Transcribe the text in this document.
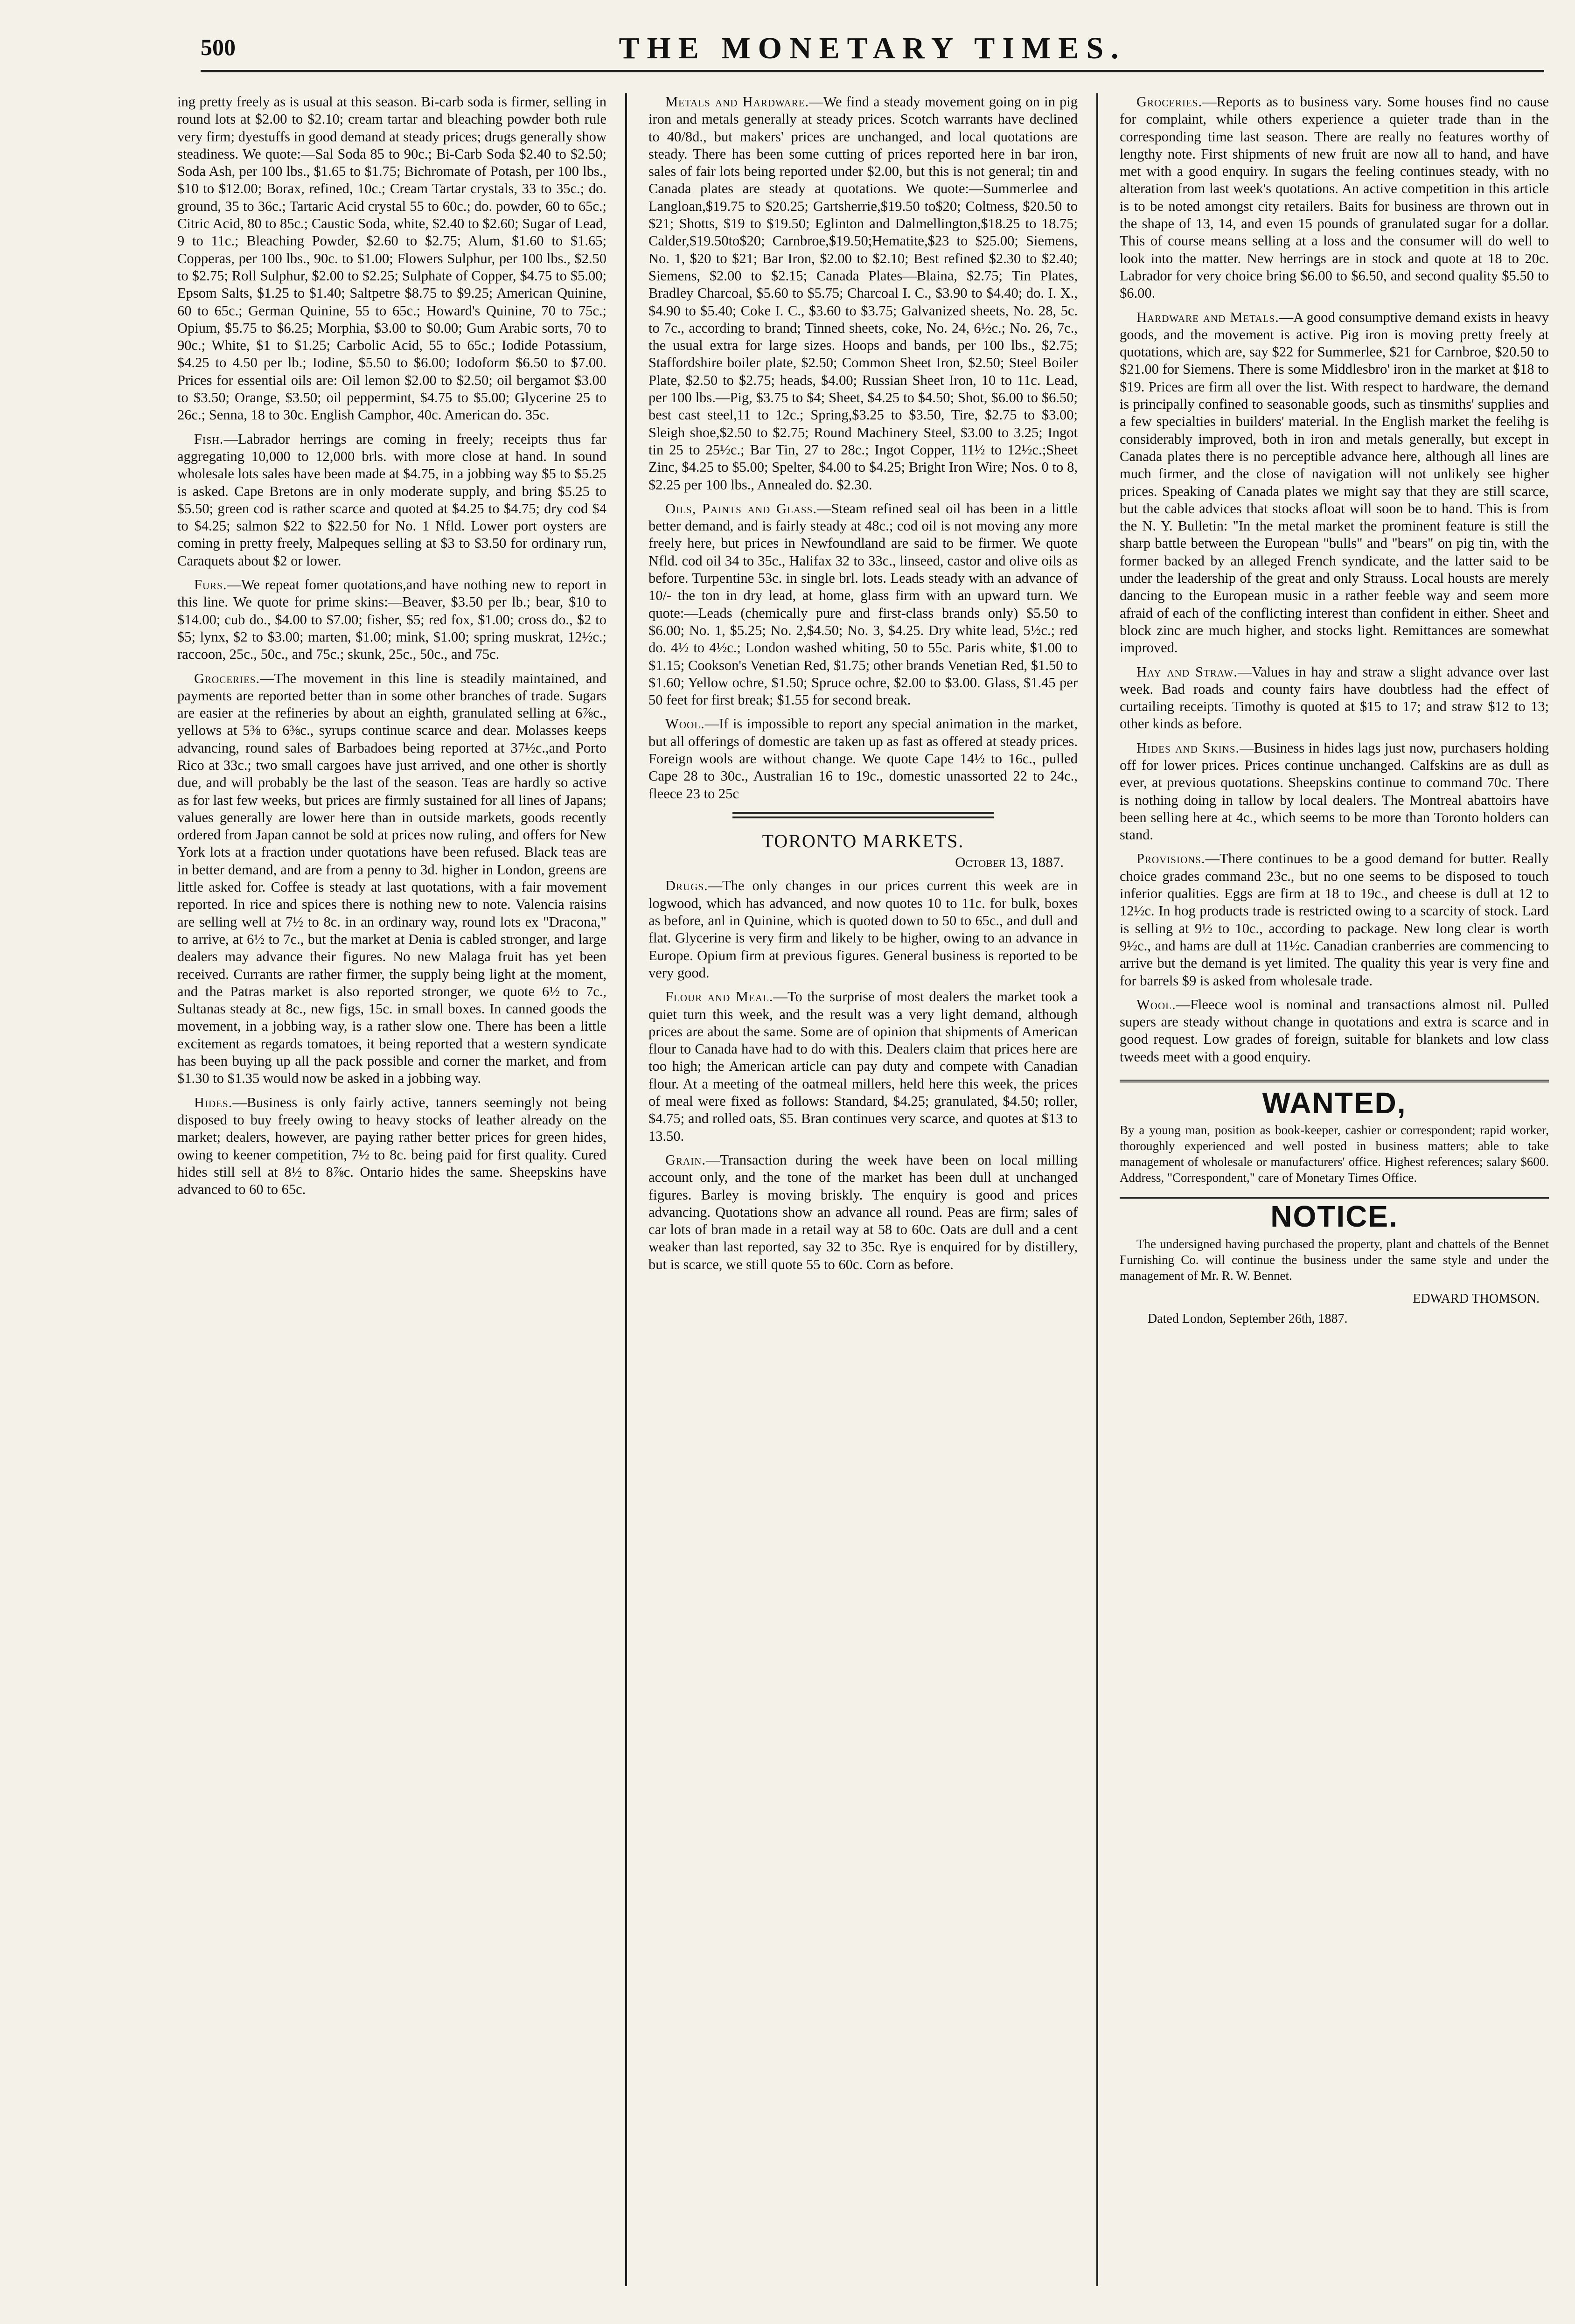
500	THE MONETARY TIMES.

ing pretty freely as is usual at this season. Bi-carb soda is firmer, selling in round lots at $2.00 to $2.10; cream tartar and bleaching powder both rule very firm; dyestuffs in good demand at steady prices; drugs generally show steadiness. We quote:—Sal Soda 85 to 90c.; Bi-Carb Soda $2.40 to $2.50; Soda Ash, per 100 lbs., $1.65 to $1.75; Bichromate of Potash, per 100 lbs., $10 to $12.00; Borax, refined, 10c.; Cream Tartar crystals, 33 to 35c.; do. ground, 35 to 36c.; Tartaric Acid crystal 55 to 60c.; do. powder, 60 to 65c.; Citric Acid, 80 to 85c.; Caustic Soda, white, $2.40 to $2.60; Sugar of Lead, 9 to 11c.; Bleaching Powder, $2.60 to $2.75; Alum, $1.60 to $1.65; Copperas, per 100 lbs., 90c. to $1.00; Flowers Sulphur, per 100 lbs., $2.50 to $2.75; Roll Sulphur, $2.00 to $2.25; Sulphate of Copper, $4.75 to $5.00; Epsom Salts, $1.25 to $1.40; Saltpetre $8.75 to $9.25; American Quinine, 60 to 65c.; German Quinine, 55 to 65c.; Howard's Quinine, 70 to 75c.; Opium, $5.75 to $6.25; Morphia, $3.00 to $0.00; Gum Arabic sorts, 70 to 90c.; White, $1 to $1.25; Carbolic Acid, 55 to 65c.; Iodide Potassium, $4.25 to 4.50 per lb.; Iodine, $5.50 to $6.00; Iodoform $6.50 to $7.00. Prices for essential oils are: Oil lemon $2.00 to $2.50; oil bergamot $3.00 to $3.50; Orange, $3.50; oil peppermint, $4.75 to $5.00; Glycerine 25 to 26c.; Senna, 18 to 30c. English Camphor, 40c. American do. 35c.

Fish.—Labrador herrings are coming in freely; receipts thus far aggregating 10,000 to 12,000 brls. with more close at hand. In sound wholesale lots sales have been made at $4.75, in a jobbing way $5 to $5.25 is asked. Cape Bretons are in only moderate supply, and bring $5.25 to $5.50; green cod is rather scarce and quoted at $4.25 to $4.75; dry cod $4 to $4.25; salmon $22 to $22.50 for No. 1 Nfld. Lower port oysters are coming in pretty freely, Malpeques selling at $3 to $3.50 for ordinary run, Caraquets about $2 or lower.

Furs.—We repeat fomer quotations,and have nothing new to report in this line. We quote for prime skins:—Beaver, $3.50 per lb.; bear, $10 to $14.00; cub do., $4.00 to $7.00; fisher, $5; red fox, $1.00; cross do., $2 to $5; lynx, $2 to $3.00; marten, $1.00; mink, $1.00; spring muskrat, 12½c.; raccoon, 25c., 50c., and 75c.; skunk, 25c., 50c., and 75c.

Groceries.—The movement in this line is steadily maintained, and payments are reported better than in some other branches of trade. Sugars are easier at the refineries by about an eighth, granulated selling at 6⅞c., yellows at 5⅜ to 6⅜c., syrups continue scarce and dear. Molasses keeps advancing, round sales of Barbadoes being reported at 37½c.,and Porto Rico at 33c.; two small cargoes have just arrived, and one other is shortly due, and will probably be the last of the season. Teas are hardly so active as for last few weeks, but prices are firmly sustained for all lines of Japans; values generally are lower here than in outside markets, goods recently ordered from Japan cannot be sold at prices now ruling, and offers for New York lots at a fraction under quotations have been refused. Black teas are in better demand, and are from a penny to 3d. higher in London, greens are little asked for. Coffee is steady at last quotations, with a fair movement reported. In rice and spices there is nothing new to note. Valencia raisins are selling well at 7½ to 8c. in an ordinary way, round lots ex "Dracona," to arrive, at 6½ to 7c., but the market at Denia is cabled stronger, and large dealers may advance their figures. No new Malaga fruit has yet been received. Currants are rather firmer, the supply being light at the moment, and the Patras market is also reported stronger, we quote 6½ to 7c., Sultanas steady at 8c., new figs, 15c. in small boxes. In canned goods the movement, in a jobbing way, is a rather slow one. There has been a little excitement as regards tomatoes, it being reported that a western syndicate has been buying up all the pack possible and corner the market, and from $1.30 to $1.35 would now be asked in a jobbing way.

Hides.—Business is only fairly active, tanners seemingly not being disposed to buy freely owing to heavy stocks of leather already on the market; dealers, however, are paying rather better prices for green hides, owing to keener competition, 7½ to 8c. being paid for first quality. Cured hides still sell at 8½ to 8⅞c. Ontario hides the same. Sheepskins have advanced to 60 to 65c.

Metals and Hardware.—We find a steady movement going on in pig iron and metals generally at steady prices. Scotch warrants have declined to 40/8d., but makers' prices are unchanged, and local quotations are steady. There has been some cutting of prices reported here in bar iron, sales of fair lots being reported under $2.00, but this is not general; tin and Canada plates are steady at quotations. We quote:—Summerlee and Langloan,$19.75 to $20.25; Gartsherrie,$19.50 to$20; Coltness, $20.50 to $21; Shotts, $19 to $19.50; Eglinton and Dalmellington,$18.25 to 18.75; Calder,$19.50to$20; Carnbroe,$19.50;Hematite,$23 to $25.00; Siemens, No. 1, $20 to $21; Bar Iron, $2.00 to $2.10; Best refined $2.30 to $2.40; Siemens, $2.00 to $2.15; Canada Plates—Blaina, $2.75; Tin Plates, Bradley Charcoal, $5.60 to $5.75; Charcoal I. C., $3.90 to $4.40; do. I. X., $4.90 to $5.40; Coke I. C., $3.60 to $3.75; Galvanized sheets, No. 28, 5c. to 7c., according to brand; Tinned sheets, coke, No. 24, 6½c.; No. 26, 7c., the usual extra for large sizes. Hoops and bands, per 100 lbs., $2.75; Staffordshire boiler plate, $2.50; Common Sheet Iron, $2.50; Steel Boiler Plate, $2.50 to $2.75; heads, $4.00; Russian Sheet Iron, 10 to 11c. Lead, per 100 lbs.—Pig, $3.75 to $4; Sheet, $4.25 to $4.50; Shot, $6.00 to $6.50; best cast steel,11 to 12c.; Spring,$3.25 to $3.50, Tire, $2.75 to $3.00; Sleigh shoe,$2.50 to $2.75; Round Machinery Steel, $3.00 to 3.25; Ingot tin 25 to 25½c.; Bar Tin, 27 to 28c.; Ingot Copper, 11½ to 12½c.;Sheet Zinc, $4.25 to $5.00; Spelter, $4.00 to $4.25; Bright Iron Wire; Nos. 0 to 8, $2.25 per 100 lbs., Annealed do. $2.30.

Oils, Paints and Glass.—Steam refined seal oil has been in a little better demand, and is fairly steady at 48c.; cod oil is not moving any more freely here, but prices in Newfoundland are said to be firmer. We quote Nfld. cod oil 34 to 35c., Halifax 32 to 33c., linseed, castor and olive oils as before. Turpentine 53c. in single brl. lots. Leads steady with an advance of 10/- the ton in dry lead, at home, glass firm with an upward turn. We quote:—Leads (chemically pure and first-class brands only) $5.50 to $6.00; No. 1, $5.25; No. 2,$4.50; No. 3, $4.25. Dry white lead, 5½c.; red do. 4½ to 4½c.; London washed whiting, 50 to 55c. Paris white, $1.00 to $1.15; Cookson's Venetian Red, $1.75; other brands Venetian Red, $1.50 to $1.60; Yellow ochre, $1.50; Spruce ochre, $2.00 to $3.00. Glass, $1.45 per 50 feet for first break; $1.55 for second break.

Wool.—If is impossible to report any special animation in the market, but all offerings of domestic are taken up as fast as offered at steady prices. Foreign wools are without change. We quote Cape 14½ to 16c., pulled Cape 28 to 30c., Australian 16 to 19c., domestic unassorted 22 to 24c., fleece 23 to 25c

TORONTO MARKETS.
October 13, 1887.

Drugs.—The only changes in our prices current this week are in logwood, which has advanced, and now quotes 10 to 11c. for bulk, boxes as before, anl in Quinine, which is quoted down to 50 to 65c., and dull and flat. Glycerine is very firm and likely to be higher, owing to an advance in Europe. Opium firm at previous figures. General business is reported to be very good.

Flour and Meal.—To the surprise of most dealers the market took a quiet turn this week, and the result was a very light demand, although prices are about the same. Some are of opinion that shipments of American flour to Canada have had to do with this. Dealers claim that prices here are too high; the American article can pay duty and compete with Canadian flour. At a meeting of the oatmeal millers, held here this week, the prices of meal were fixed as follows: Standard, $4.25; granulated, $4.50; roller, $4.75; and rolled oats, $5. Bran continues very scarce, and quotes at $13 to 13.50.

Grain.—Transaction during the week have been on local milling account only, and the tone of the market has been dull at unchanged figures. Barley is moving briskly. The enquiry is good and prices advancing. Quotations show an advance all round. Peas are firm; sales of car lots of bran made in a retail way at 58 to 60c. Oats are dull and a cent weaker than last reported, say 32 to 35c. Rye is enquired for by distillery, but is scarce, we still quote 55 to 60c. Corn as before.

Groceries.—Reports as to business vary. Some houses find no cause for complaint, while others experience a quieter trade than in the corresponding time last season. There are really no features worthy of lengthy note. First shipments of new fruit are now all to hand, and have met with a good enquiry. In sugars the feeling continues steady, with no alteration from last week's quotations. An active competition in this article is to be noted amongst city retailers. Baits for business are thrown out in the shape of 13, 14, and even 15 pounds of granulated sugar for a dollar. This of course means selling at a loss and the consumer will do well to look into the matter. New herrings are in stock and quote at 18 to 20c. Labrador for very choice bring $6.00 to $6.50, and second quality $5.50 to $6.00.

Hardware and Metals.—A good consumptive demand exists in heavy goods, and the movement is active. Pig iron is moving pretty freely at quotations, which are, say $22 for Summerlee, $21 for Carnbroe, $20.50 to $21.00 for Siemens. There is some Middlesbro' iron in the market at $18 to $19. Prices are firm all over the list. With respect to hardware, the demand is principally confined to seasonable goods, such as tinsmiths' supplies and a few specialties in builders' material. In the English market the feelihg is considerably improved, both in iron and metals generally, but except in Canada plates there is no perceptible advance here, although all lines are much firmer, and the close of navigation will not unlikely see higher prices. Speaking of Canada plates we might say that they are still scarce, but the cable advices that stocks afloat will soon be to hand. This is from the N. Y. Bulletin: "In the metal market the prominent feature is still the sharp battle between the European "bulls" and "bears" on pig tin, with the former backed by an alleged French syndicate, and the latter said to be under the leadership of the great and only Strauss. Local housts are merely dancing to the European music in a rather feeble way and seem more afraid of each of the conflicting interest than confident in either. Sheet and block zinc are much higher, and stocks light. Remittances are somewhat improved.

Hay and Straw.—Values in hay and straw a slight advance over last week. Bad roads and county fairs have doubtless had the effect of curtailing receipts. Timothy is quoted at $15 to 17; and straw $12 to 13; other kinds as before.

Hides and Skins.—Business in hides lags just now, purchasers holding off for lower prices. Prices continue unchanged. Calfskins are as dull as ever, at previous quotations. Sheepskins continue to command 70c. There is nothing doing in tallow by local dealers. The Montreal abattoirs have been selling here at 4c., which seems to be more than Toronto holders can stand.

Provisions.—There continues to be a good demand for butter. Really choice grades command 23c., but no one seems to be disposed to touch inferior qualities. Eggs are firm at 18 to 19c., and cheese is dull at 12 to 12½c. In hog products trade is restricted owing to a scarcity of stock. Lard is selling at 9½ to 10c., according to package. New long clear is worth 9½c., and hams are dull at 11½c. Canadian cranberries are commencing to arrive but the demand is yet limited. The quality this year is very fine and for barrels $9 is asked from wholesale trade.

Wool.—Fleece wool is nominal and transactions almost nil. Pulled supers are steady without change in quotations and extra is scarce and in good request. Low grades of foreign, suitable for blankets and low class tweeds meet with a good enquiry.

WANTED,

By a young man, position as book-keeper, cashier or correspondent; rapid worker, thoroughly experienced and well posted in business matters; able to take management of wholesale or manufacturers' office. Highest references; salary $600. Address, "Correspondent," care of Monetary Times Office.

NOTICE.

The undersigned having purchased the property, plant and chattels of the Bennet Furnishing Co. will continue the business under the same style and under the management of Mr. R. W. Bennet.

EDWARD THOMSON.
Dated London, September 26th, 1887.
